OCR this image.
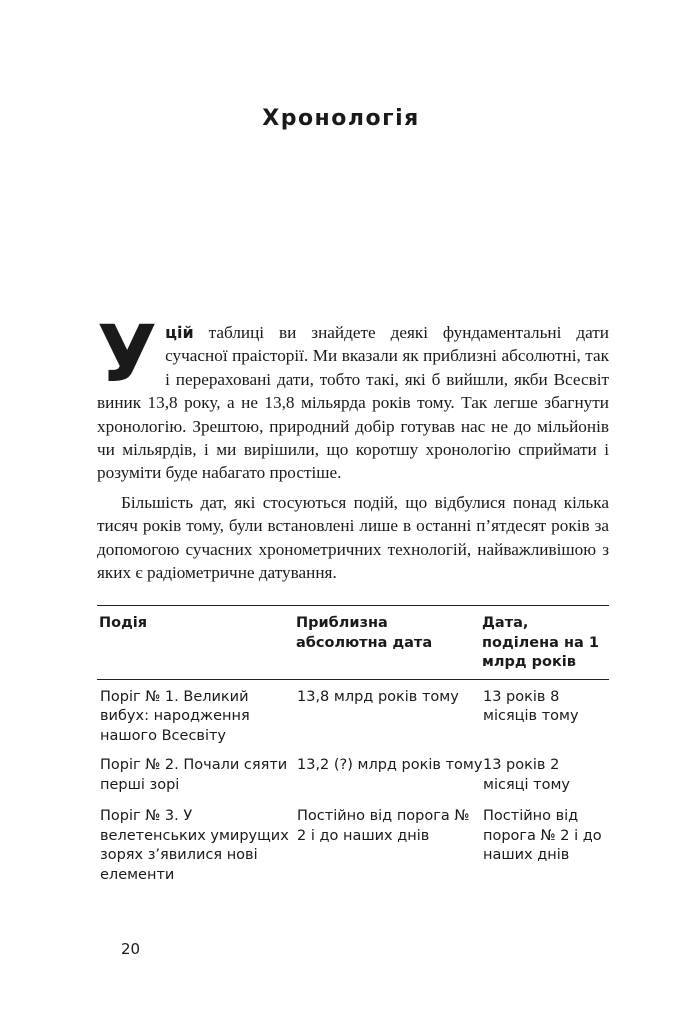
Хронологія

Уцій таблиці ви знайдете деякі фундаментальні дати сучасної праісторії. Ми вказали як приблизні абсолютні, так і перераховані дати, тобто такі, які б вийшли, якби Всесвіт виник 13,8 року, а не 13,8 мільярда років тому. Так легше збагнути хронологію. Зрештою, природний добір готував нас не до мільйонів чи мільярдів, і ми вирішили, що коротшу хронологію сприймати і розуміти буде набагато простіше.

Більшість дат, які стосуються подій, що відбулися понад кілька тисяч років тому, були встановлені лише в останні п’ятдесят років за допомогою сучасних хронометричних технологій, найважливішою з яких є радіометричне датування.

Подія	Приблизна абсолютна дата
Дата, поділена на 1 млрд років
Поріг № 1. Великий вибух: народження нашого Всесвіту
13,8 млрд років тому	13 років 8 місяців тому
Поріг № 2. Почали сяяти перші зорі
13,2 (?) млрд років тому 13 років 2 місяці тому
Поріг № 3. У велетенських умирущих зорях з’явилися нові елементи
Постійно від порога № 2 і до наших днів
Постійно від порога № 2 і до наших днів

20
